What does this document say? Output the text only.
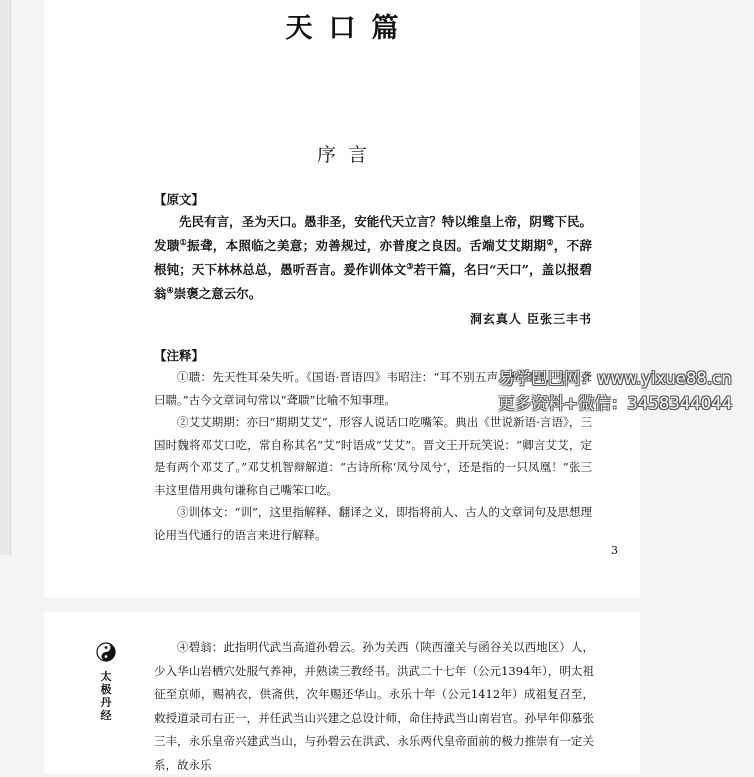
天口篇
序言
【原文】

先民有言，圣为天口。愚非圣，安能代天立言？特以维皇上帝，阴骘下民。发聩①振聋，本照临之美意；劝善规过，亦普度之良因。舌端艾艾期期②，不辞根钝；天下林林总总，愚听吾言。爰作训体文③若干篇，名曰“天口”，盖以报碧翁④崇褒之意云尔。

洞玄真人 臣张三丰书
【注释】

①聩：先天性耳朵失听。《国语·晋语四》韦昭注：“耳不别五声之和曰聋，生而聋曰聩。”古今文章词句常以“聋聩”比喻不知事理。

②艾艾期期：亦曰“期期艾艾”，形容人说话口吃嘴笨。典出《世说新语·言语》，三国时魏将邓艾口吃，常自称其名“艾”时语成“艾艾”。晋文王开玩笑说：“卿言艾艾，定是有两个邓艾了。”邓艾机智辩解道：“古诗所称‘凤兮凤兮’，还是指的一只凤凰！”张三丰这里借用典句谦称自己嘴笨口吃。

③训体文：“训”，这里指解释、翻译之义，即指将前人、古人的文章词句及思想理论用当代通行的语言来进行解释。

3
易学巴巴网：www.yixue88.cn
更多资料+微信：3458344044
太极丹经

④碧翁：此指明代武当高道孙碧云。孙为关西（陕西潼关与函谷关以西地区）人，少入华山岩栖穴处服气养神，并熟读三教经书。洪武二十七年（公元1394年），明太祖征至京师，赐衲衣，供斋供，次年赐还华山。永乐十年（公元1412年）成祖复召至，敕授道录司右正一，并任武当山兴建之总设计师，命住持武当山南岩官。孙早年仰慕张三丰，永乐皇帝兴建武当山，与孙碧云在洪武、永乐两代皇帝面前的极力推崇有一定关系，故永乐
